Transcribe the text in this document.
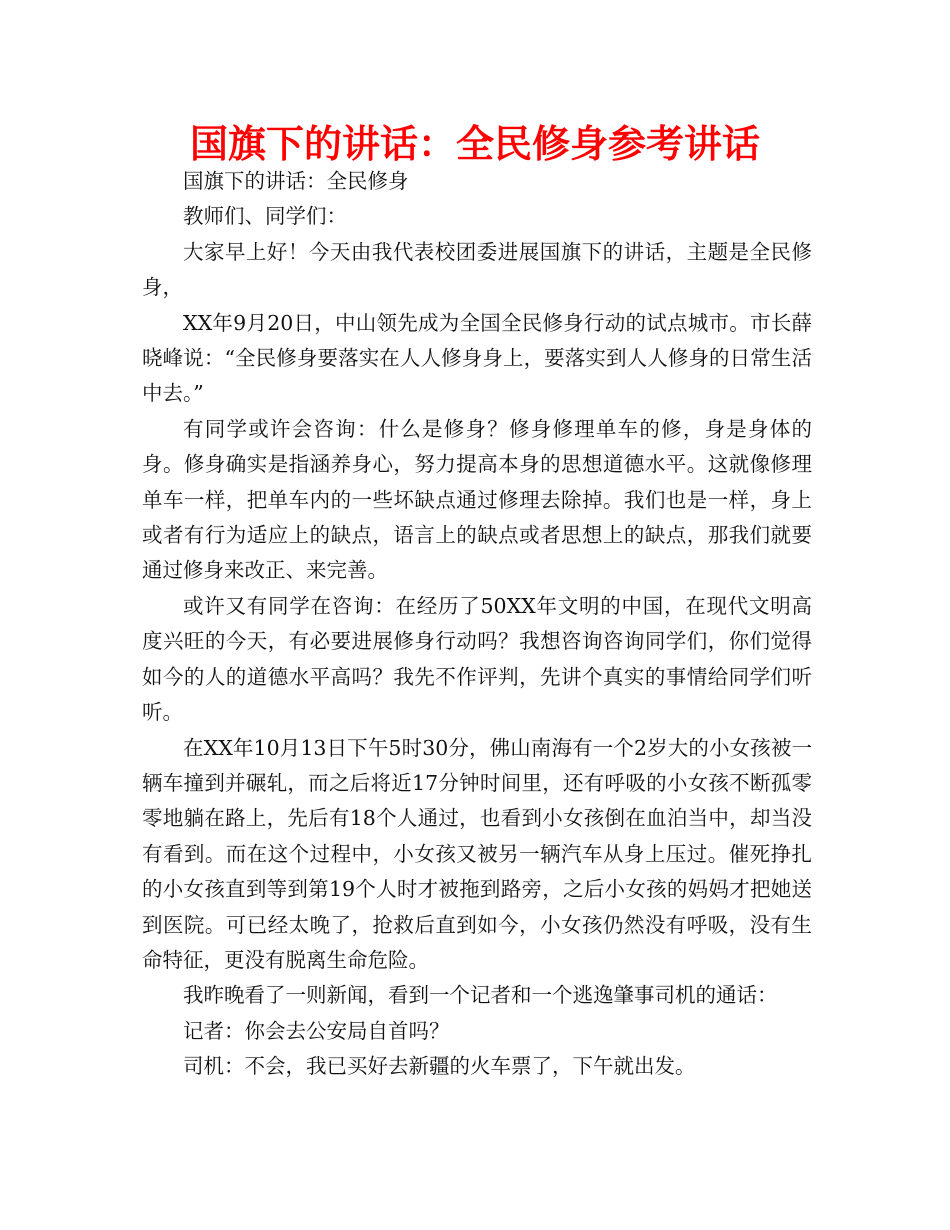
国旗下的讲话：全民修身参考讲话

国旗下的讲话：全民修身

教师们、同学们：

大家早上好！今天由我代表校团委进展国旗下的讲话，主题是全民修身，

XX年9月20日，中山领先成为全国全民修身行动的试点城市。市长薛晓峰说：“全民修身要落实在人人修身身上，要落实到人人修身的日常生活中去。”

有同学或许会咨询：什么是修身？修身修理单车的修，身是身体的身。修身确实是指涵养身心，努力提高本身的思想道德水平。这就像修理单车一样，把单车内的一些坏缺点通过修理去除掉。我们也是一样，身上或者有行为适应上的缺点，语言上的缺点或者思想上的缺点，那我们就要通过修身来改正、来完善。

或许又有同学在咨询：在经历了50XX年文明的中国，在现代文明高度兴旺的今天，有必要进展修身行动吗？我想咨询咨询同学们，你们觉得如今的人的道德水平高吗？我先不作评判，先讲个真实的事情给同学们听听。

在XX年10月13日下午5时30分，佛山南海有一个2岁大的小女孩被一辆车撞到并碾轧，而之后将近17分钟时间里，还有呼吸的小女孩不断孤零零地躺在路上，先后有18个人通过，也看到小女孩倒在血泊当中，却当没有看到。而在这个过程中，小女孩又被另一辆汽车从身上压过。催死挣扎的小女孩直到等到第19个人时才被拖到路旁，之后小女孩的妈妈才把她送到医院。可已经太晚了，抢救后直到如今，小女孩仍然没有呼吸，没有生命特征，更没有脱离生命危险。

我昨晚看了一则新闻，看到一个记者和一个逃逸肇事司机的通话：

记者：你会去公安局自首吗？

司机：不会，我已买好去新疆的火车票了，下午就出发。
